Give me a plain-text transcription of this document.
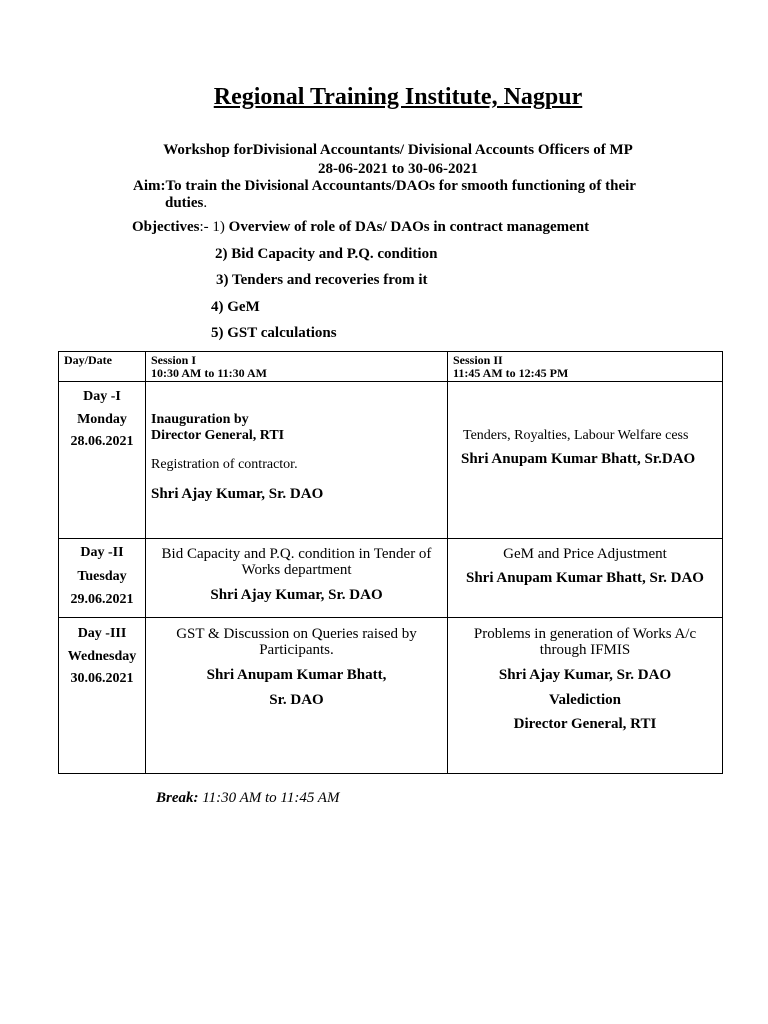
Regional Training Institute, Nagpur
Workshop forDivisional Accountants/ Divisional Accounts Officers of MP
28-06-2021 to 30-06-2021
Aim:To train the Divisional Accountants/DAOs for smooth functioning of their
duties.
Objectives:- 1) Overview of role of DAs/ DAOs in contract management
2) Bid Capacity and P.Q. condition
3) Tenders and recoveries from it
4) GeM
5) GST calculations
Day/Date	Session I
10:30 AM to 11:30 AM
Session II
11:45 AM to 12:45 PM
Day -I
Monday
28.06.2021
Inauguration by
Director General, RTI
Registration of contractor.
Shri Ajay Kumar, Sr. DAO
Tenders, Royalties, Labour Welfare cess
Shri Anupam Kumar Bhatt, Sr.DAO
Day -II
Tuesday
29.06.2021
Bid Capacity and P.Q. condition in Tender of
Works department
Shri Ajay Kumar, Sr. DAO
GeM and Price Adjustment
Shri Anupam Kumar Bhatt, Sr. DAO
Day -III
Wednesday
30.06.2021
GST & Discussion on Queries raised by
Participants.
Shri Anupam Kumar Bhatt,
Sr. DAO
Problems in generation of Works A/c
through IFMIS
Shri Ajay Kumar, Sr. DAO
Valediction
Director General, RTI
Break: 11:30 AM to 11:45 AM
